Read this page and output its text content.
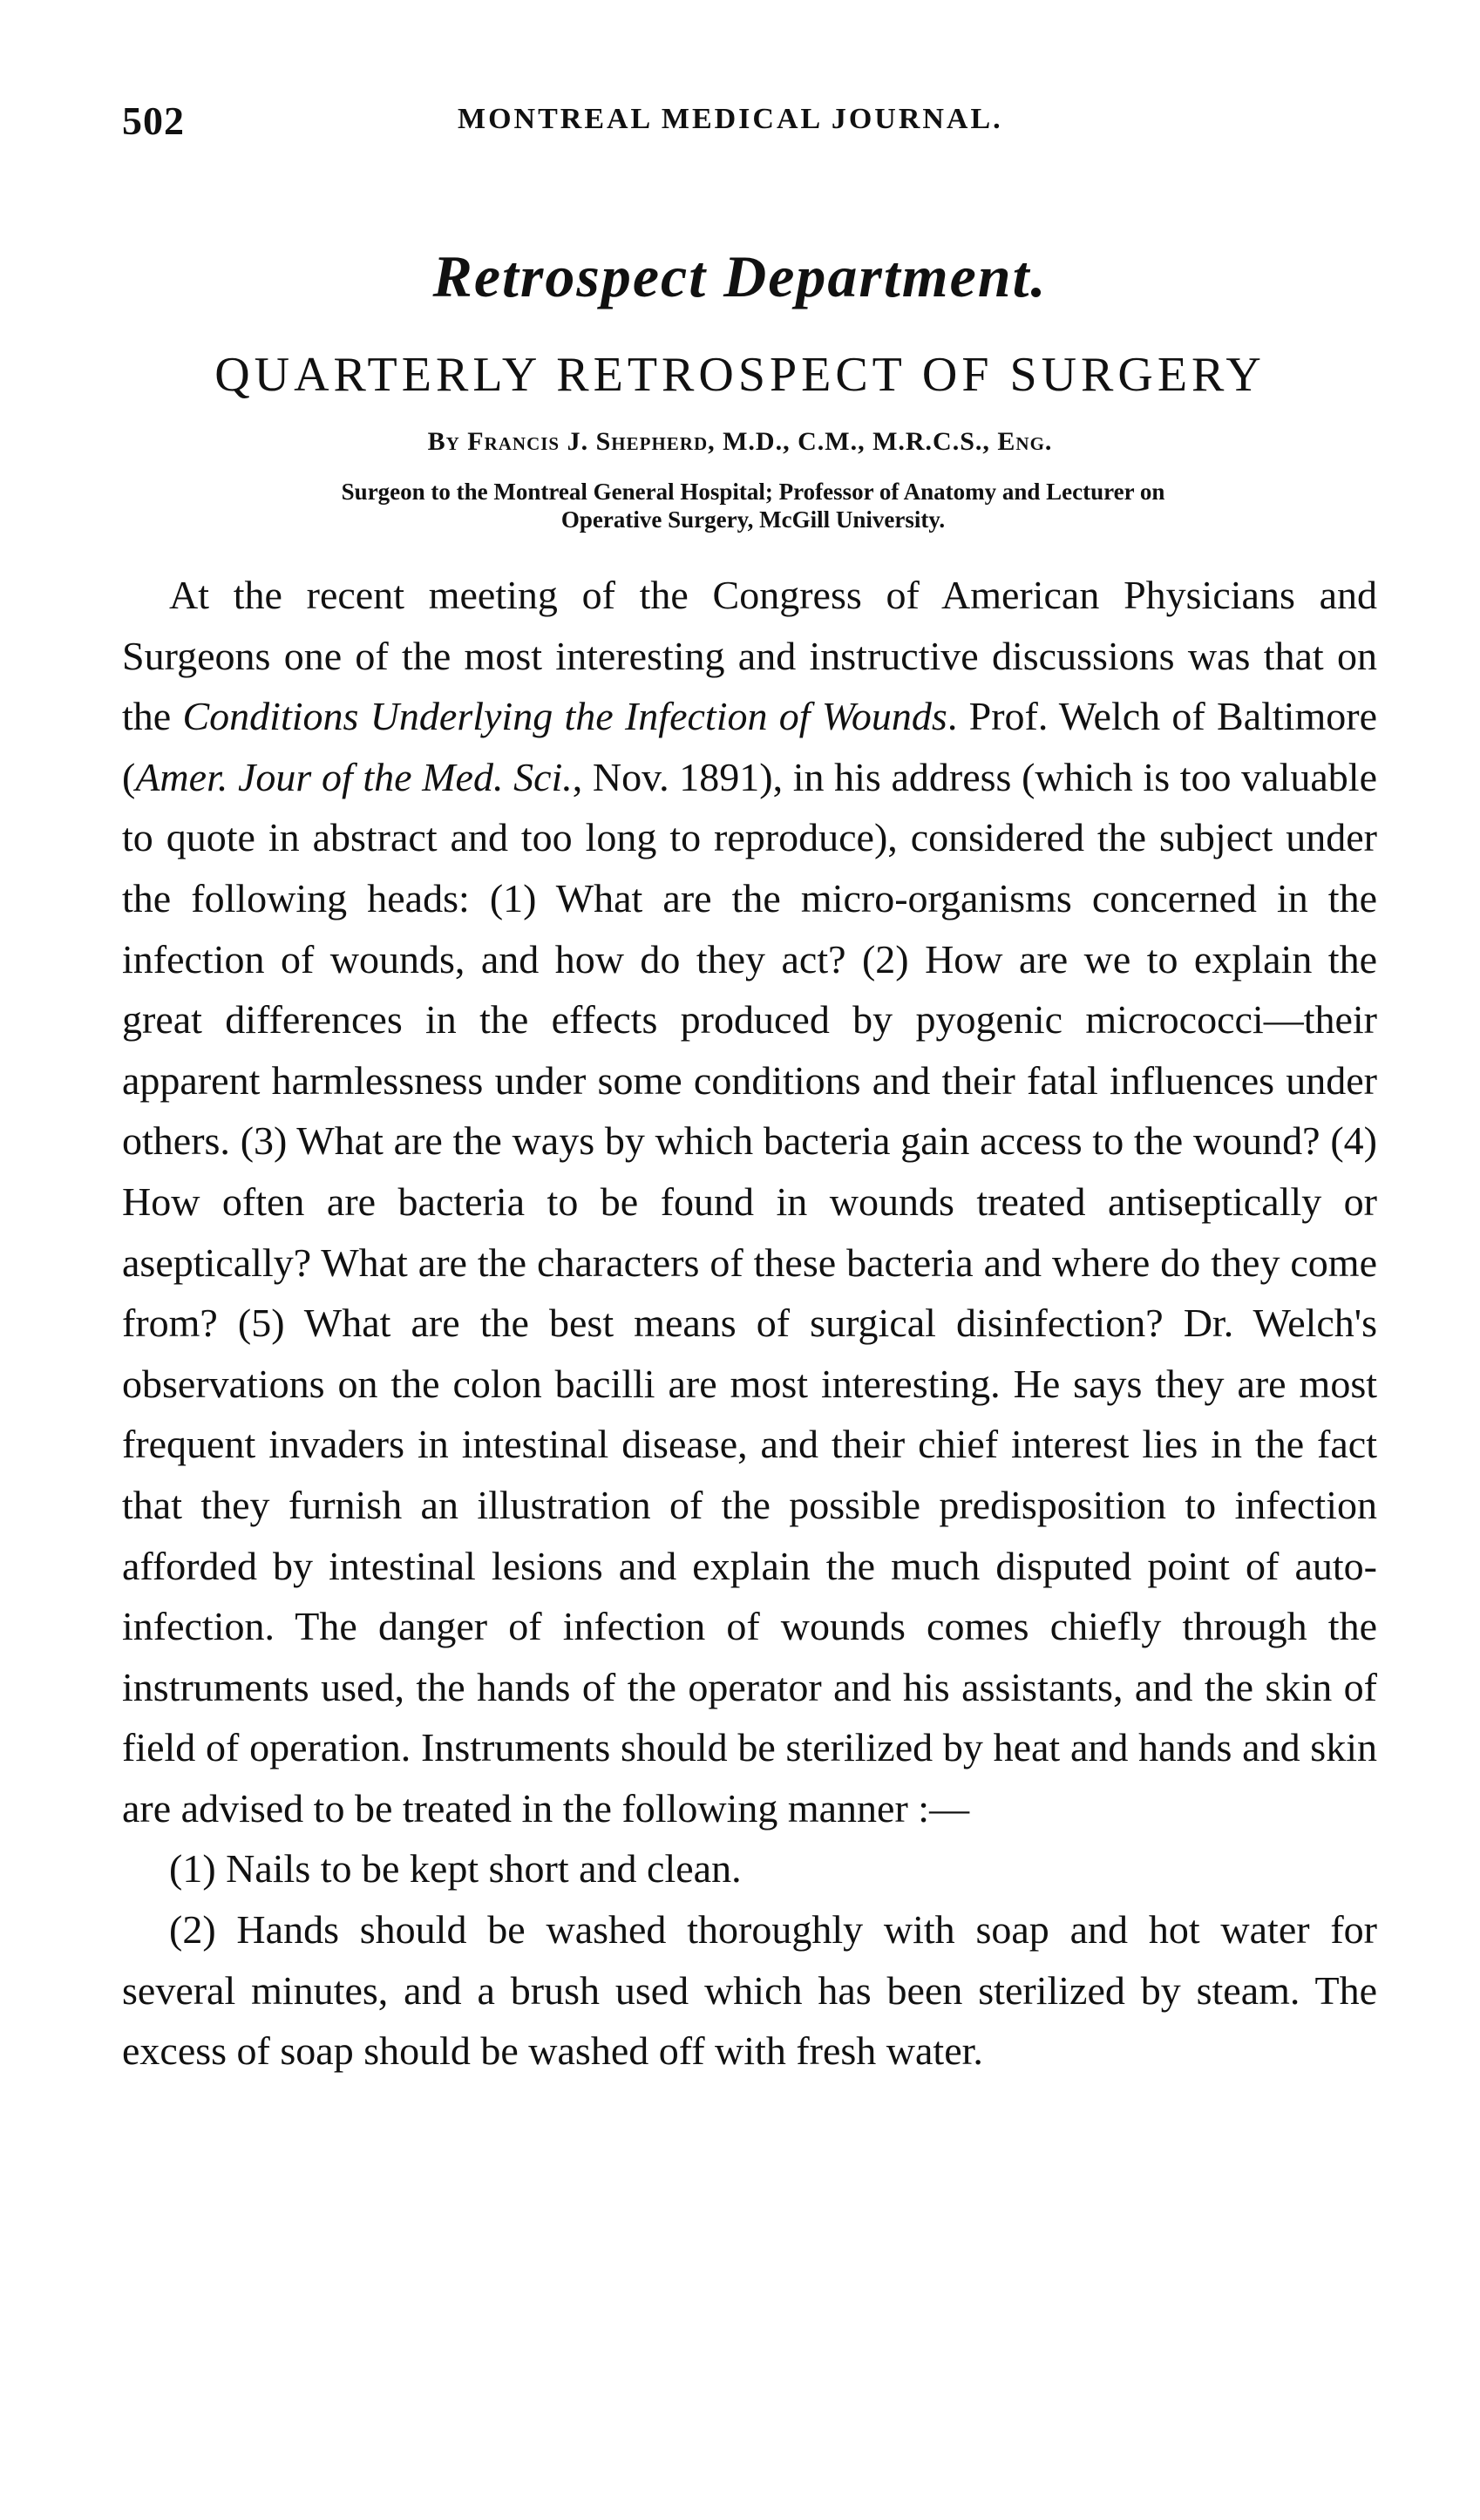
502	MONTREAL MEDICAL JOURNAL.
Retrospect Department.
QUARTERLY RETROSPECT OF SURGERY
By Francis J. Shepherd, M.D., C.M., M.R.C.S., Eng.
Surgeon to the Montreal General Hospital; Professor of Anatomy and Lecturer on
Operative Surgery, McGill University.

At the recent meeting of the Congress of American Physicians and Surgeons one of the most interesting and instructive discussions was that on the Conditions Underlying the Infection of Wounds. Prof. Welch of Baltimore (Amer. Jour of the Med. Sci., Nov. 1891), in his address (which is too valuable to quote in abstract and too long to reproduce), considered the subject under the following heads: (1) What are the micro-organisms concerned in the infection of wounds, and how do they act? (2) How are we to explain the great differences in the effects produced by pyogenic micrococci—their apparent harmlessness under some conditions and their fatal influences under others. (3) What are the ways by which bacteria gain access to the wound? (4) How often are bacteria to be found in wounds treated antiseptically or aseptically? What are the characters of these bacteria and where do they come from? (5) What are the best means of surgical disinfection? Dr. Welch's observations on the colon bacilli are most interesting. He says they are most frequent invaders in intestinal disease, and their chief interest lies in the fact that they furnish an illustration of the possible predisposition to infection afforded by intestinal lesions and explain the much disputed point of auto-infection. The danger of infection of wounds comes chiefly through the instruments used, the hands of the operator and his assistants, and the skin of field of operation. Instruments should be sterilized by heat and hands and skin are advised to be treated in the following manner :—

(1) Nails to be kept short and clean.

(2) Hands should be washed thoroughly with soap and hot water for several minutes, and a brush used which has been sterilized by steam. The excess of soap should be washed off with fresh water.
